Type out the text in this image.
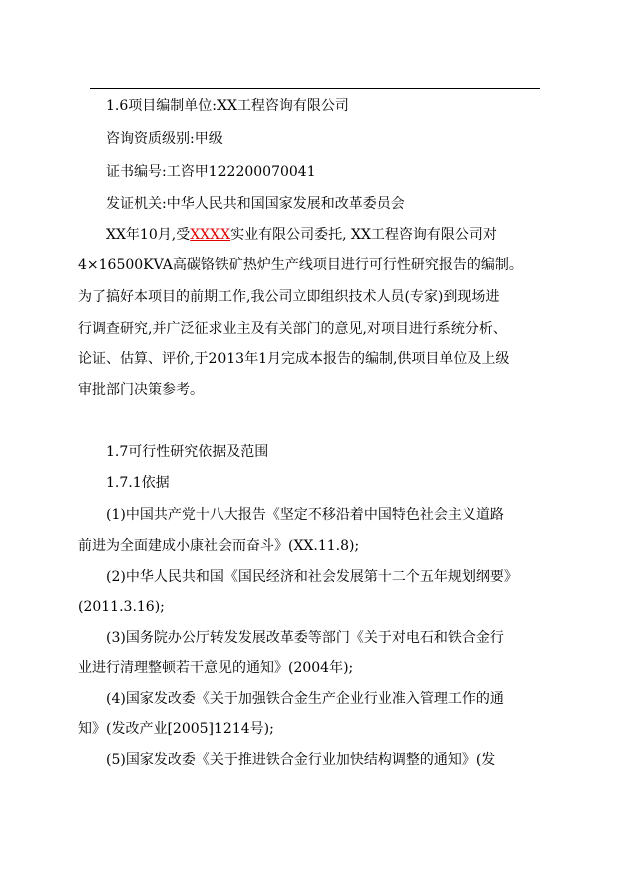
1.6项目编制单位:XX工程咨询有限公司
咨询资质级别:甲级
证书编号:工咨甲122200070041
发证机关:中华人民共和国国家发展和改革委员会
XX年10月,受XXXX实业有限公司委托, XX工程咨询有限公司对
4×16500KVA高碳铬铁矿热炉生产线项目进行可行性研究报告的编制。
为了搞好本项目的前期工作,我公司立即组织技术人员(专家)到现场进
行调查研究,并广泛征求业主及有关部门的意见,对项目进行系统分析、
论证、估算、评价,于2013年1月完成本报告的编制,供项目单位及上级
审批部门决策参考。
1.7可行性研究依据及范围
1.7.1依据
(1)中国共产党十八大报告《坚定不移沿着中国特色社会主义道路
前进为全面建成小康社会而奋斗》(XX.11.8);
(2)中华人民共和国《国民经济和社会发展第十二个五年规划纲要》
(2011.3.16);
(3)国务院办公厅转发发展改革委等部门《关于对电石和铁合金行
业进行清理整顿若干意见的通知》(2004年);
(4)国家发改委《关于加强铁合金生产企业行业准入管理工作的通
知》(发改产业[2005]1214号);
(5)国家发改委《关于推进铁合金行业加快结构调整的通知》(发
